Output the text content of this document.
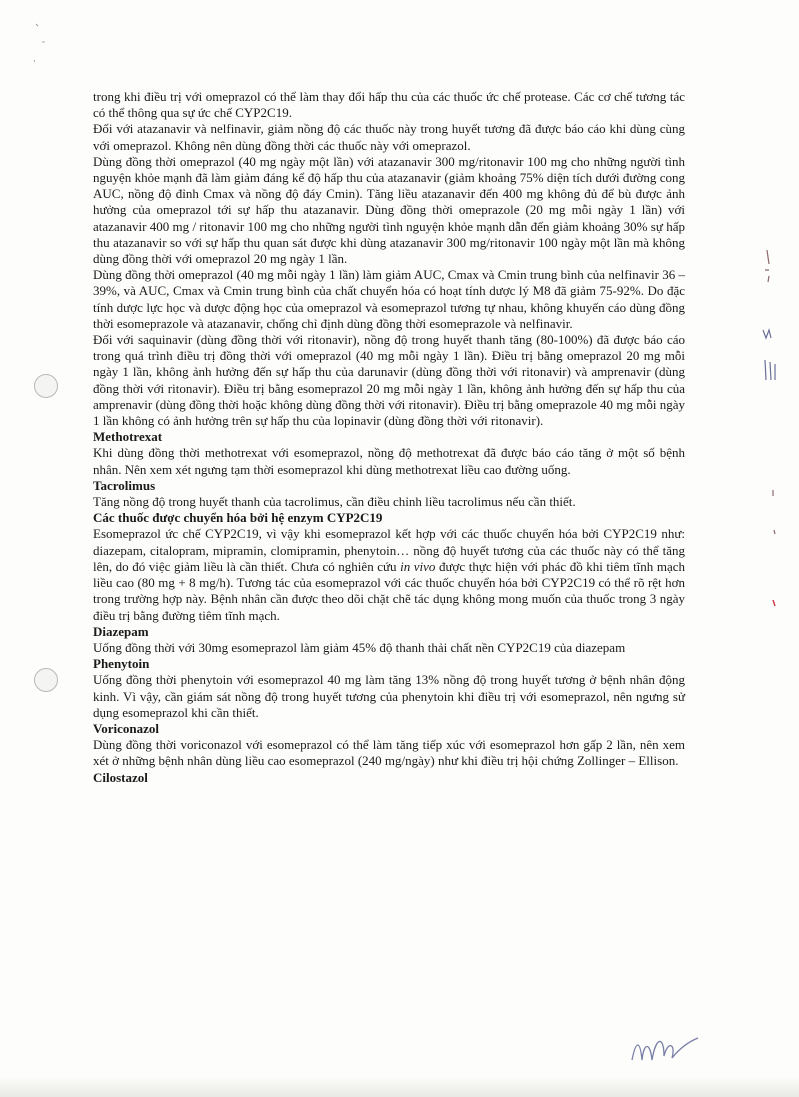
trong khi điều trị với omeprazol có thể làm thay đổi hấp thu của các thuốc ức chế protease. Các cơ chế tương tác có thể thông qua sự ức chế CYP2C19.

Đối với atazanavir và nelfinavir, giảm nồng độ các thuốc này trong huyết tương đã được báo cáo khi dùng cùng với omeprazol. Không nên dùng đồng thời các thuốc này với omeprazol.

Dùng đồng thời omeprazol (40 mg ngày một lần) với atazanavir 300 mg/ritonavir 100 mg cho những người tình nguyện khỏe mạnh đã làm giảm đáng kể độ hấp thu của atazanavir (giảm khoảng 75% diện tích dưới đường cong AUC, nồng độ đỉnh Cmax và nồng độ đáy Cmin). Tăng liều atazanavir đến 400 mg không đủ để bù được ảnh hưởng của omeprazol tới sự hấp thu atazanavir. Dùng đồng thời omeprazole (20 mg mỗi ngày 1 lần) với atazanavir 400 mg / ritonavir 100 mg cho những người tình nguyện khỏe mạnh dẫn đến giảm khoảng 30% sự hấp thu atazanavir so với sự hấp thu quan sát được khi dùng atazanavir 300 mg/ritonavir 100 ngày một lần mà không dùng đồng thời với omeprazol 20 mg ngày 1 lần.

Dùng đồng thời omeprazol (40 mg mỗi ngày 1 lần) làm giảm AUC, Cmax và Cmin trung bình của nelfinavir 36 – 39%, và AUC, Cmax và Cmin trung bình của chất chuyển hóa có hoạt tính dược lý M8 đã giảm 75-92%. Do đặc tính dược lực học và dược động học của omeprazol và esomeprazol tương tự nhau, không khuyến cáo dùng đồng thời esomeprazole và atazanavir, chống chỉ định dùng đồng thời esomeprazole và nelfinavir.

Đối với saquinavir (dùng đồng thời với ritonavir), nồng độ trong huyết thanh tăng (80-100%) đã được báo cáo trong quá trình điều trị đồng thời với omeprazol (40 mg mỗi ngày 1 lần). Điều trị bằng omeprazol 20 mg mỗi ngày 1 lần, không ảnh hưởng đến sự hấp thu của darunavir (dùng đồng thời với ritonavir) và amprenavir (dùng đồng thời với ritonavir). Điều trị bằng esomeprazol 20 mg mỗi ngày 1 lần, không ảnh hưởng đến sự hấp thu của amprenavir (dùng đồng thời hoặc không dùng đồng thời với ritonavir). Điều trị bằng omeprazole 40 mg mỗi ngày 1 lần không có ảnh hưởng trên sự hấp thu của lopinavir (dùng đồng thời với ritonavir).

Methotrexat

Khi dùng đồng thời methotrexat với esomeprazol, nồng độ methotrexat đã được báo cáo tăng ở một số bệnh nhân. Nên xem xét ngưng tạm thời esomeprazol khi dùng methotrexat liều cao đường uống.

Tacrolimus

Tăng nồng độ trong huyết thanh của tacrolimus, cần điều chỉnh liều tacrolimus nếu cần thiết.

Các thuốc được chuyển hóa bởi hệ enzym CYP2C19

Esomeprazol ức chế CYP2C19, vì vậy khi esomeprazol kết hợp với các thuốc chuyển hóa bởi CYP2C19 như: diazepam, citalopram, mipramin, clomipramin, phenytoin… nồng độ huyết tương của các thuốc này có thể tăng lên, do đó việc giảm liều là cần thiết. Chưa có nghiên cứu in vivo được thực hiện với phác đồ khi tiêm tĩnh mạch liều cao (80 mg + 8 mg/h). Tương tác của esomeprazol với các thuốc chuyển hóa bởi CYP2C19 có thể rõ rệt hơn trong trường hợp này. Bệnh nhân cần được theo dõi chặt chẽ tác dụng không mong muốn của thuốc trong 3 ngày điều trị bằng đường tiêm tĩnh mạch.

Diazepam

Uống đồng thời với 30mg esomeprazol làm giảm 45% độ thanh thải chất nền CYP2C19 của diazepam

Phenytoin

Uống đồng thời phenytoin với esomeprazol 40 mg làm tăng 13% nồng độ trong huyết tương ở bệnh nhân động kinh. Vì vậy, cần giám sát nồng độ trong huyết tương của phenytoin khi điều trị với esomeprazol, nên ngưng sử dụng esomeprazol khi cần thiết.

Voriconazol

Dùng đồng thời voriconazol với esomeprazol có thể làm tăng tiếp xúc với esomeprazol hơn gấp 2 lần, nên xem xét ở những bệnh nhân dùng liều cao esomeprazol (240 mg/ngày) như khi điều trị hội chứng Zollinger – Ellison.

Cilostazol
